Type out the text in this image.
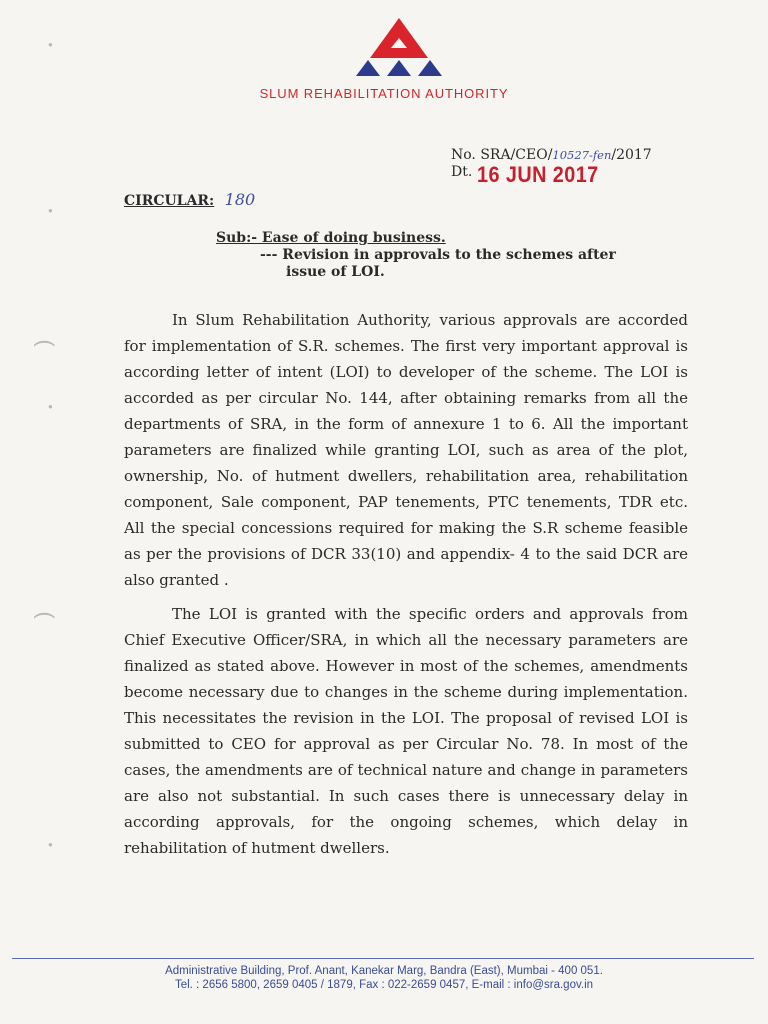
SLUM REHABILITATION AUTHORITY
No. SRA/CEO/10527-fen/2017
Dt. 16 JUN 2017
CIRCULAR: 180
Sub:- Ease of doing business.
--- Revision in approvals to the schemes after
issue of LOI.

In Slum Rehabilitation Authority, various approvals are accorded for implementation of S.R. schemes. The first very important approval is according letter of intent (LOI) to developer of the scheme. The LOI is accorded as per circular No. 144, after obtaining remarks from all the departments of SRA, in the form of annexure 1 to 6. All the important parameters are finalized while granting LOI, such as area of the plot, ownership, No. of hutment dwellers, rehabilitation area, rehabilitation component, Sale component, PAP tenements, PTC tenements, TDR etc. All the special concessions required for making the S.R scheme feasible as per the provisions of DCR 33(10) and appendix- 4 to the said DCR are also granted .

The LOI is granted with the specific orders and approvals from Chief Executive Officer/SRA, in which all the necessary parameters are finalized as stated above. However in most of the schemes, amendments become necessary due to changes in the scheme during implementation. This necessitates the revision in the LOI. The proposal of revised LOI is submitted to CEO for approval as per Circular No. 78. In most of the cases, the amendments are of technical nature and change in parameters are also not substantial. In such cases there is unnecessary delay in according approvals, for the ongoing schemes, which delay in rehabilitation of hutment dwellers.

Administrative Building, Prof. Anant, Kanekar Marg, Bandra (East), Mumbai - 400 051.
Tel. : 2656 5800, 2659 0405 / 1879, Fax : 022-2659 0457, E-mail : info@sra.gov.in
●
●
(
●
(
●
